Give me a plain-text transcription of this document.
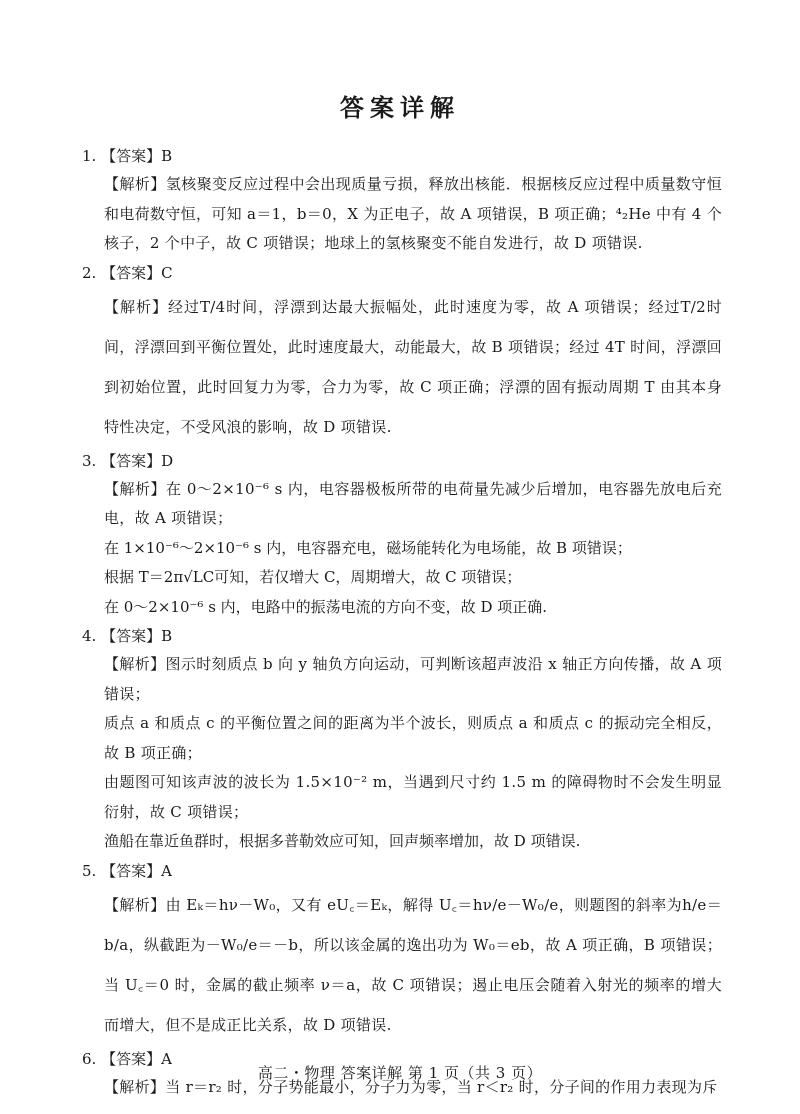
答案详解
1. 【答案】B
【解析】氢核聚变反应过程中会出现质量亏损，释放出核能．根据核反应过程中质量数守恒和电荷数守恒，可知 a＝1，b＝0，X 为正电子，故 A 项错误，B 项正确；⁴₂He 中有 4 个核子，2 个中子，故 C 项错误；地球上的氢核聚变不能自发进行，故 D 项错误.
2. 【答案】C
【解析】经过T/4时间，浮漂到达最大振幅处，此时速度为零，故 A 项错误；经过T/2时间，浮漂回到平衡位置处，此时速度最大，动能最大，故 B 项错误；经过 4T 时间，浮漂回到初始位置，此时回复力为零，合力为零，故 C 项正确；浮漂的固有振动周期 T 由其本身特性决定，不受风浪的影响，故 D 项错误.
3. 【答案】D
【解析】在 0～2×10⁻⁶ s 内，电容器极板所带的电荷量先减少后增加，电容器先放电后充电，故 A 项错误；
在 1×10⁻⁶～2×10⁻⁶ s 内，电容器充电，磁场能转化为电场能，故 B 项错误；
根据 T＝2π√LC可知，若仅增大 C，周期增大，故 C 项错误；
在 0～2×10⁻⁶ s 内，电路中的振荡电流的方向不变，故 D 项正确.
4. 【答案】B
【解析】图示时刻质点 b 向 y 轴负方向运动，可判断该超声波沿 x 轴正方向传播，故 A 项错误；
质点 a 和质点 c 的平衡位置之间的距离为半个波长，则质点 a 和质点 c 的振动完全相反，故 B 项正确；
由题图可知该声波的波长为 1.5×10⁻² m，当遇到尺寸约 1.5 m 的障碍物时不会发生明显衍射，故 C 项错误；
渔船在靠近鱼群时，根据多普勒效应可知，回声频率增加，故 D 项错误.
5. 【答案】A
【解析】由 Eₖ＝hν－W₀，又有 eU꜀＝Eₖ，解得 U꜀＝hν/e－W₀/e，则题图的斜率为h/e＝b/a，纵截距为－W₀/e＝－b，所以该金属的逸出功为 W₀＝eb，故 A 项正确，B 项错误；当 U꜀＝0 时，金属的截止频率 ν＝a，故 C 项错误；遏止电压会随着入射光的频率的增大而增大，但不是成正比关系，故 D 项错误.
6. 【答案】A
【解析】当 r＝r₂ 时，分子势能最小，分子力为零，当 r＜r₂ 时，分子间的作用力表现为斥
高二・物理 答案详解 第 1 页（共 3 页）
